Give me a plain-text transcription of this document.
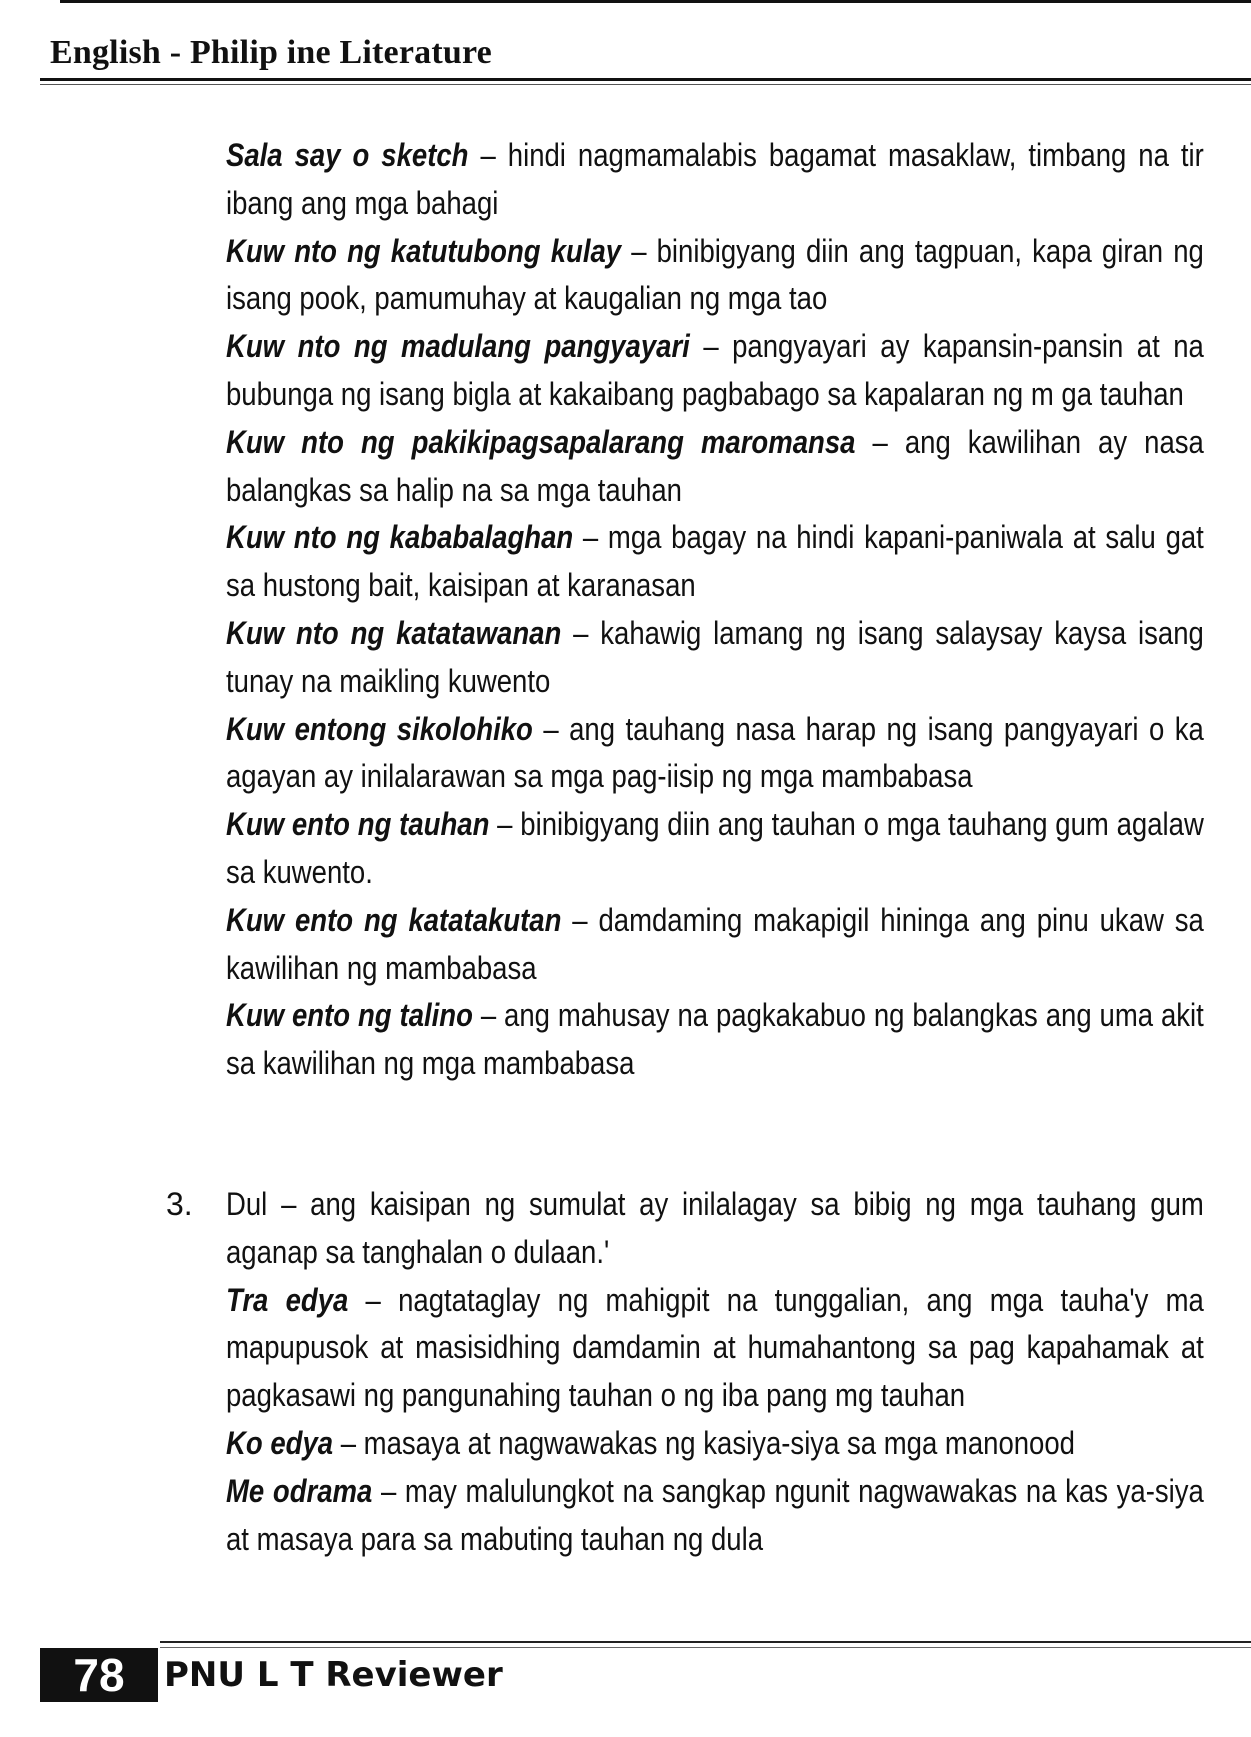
English - Philip ine Literature

Sala say o sketch – hindi nagmamalabis bagamat masaklaw, timbang na tir ibang ang mga bahagi

Kuw nto ng katutubong kulay – binibigyang diin ang tagpuan, kapa giran ng isang pook, pamumuhay at kaugalian ng mga tao

Kuw nto ng madulang pangyayari – pangyayari ay kapansin-pansin at na bubunga ng isang bigla at kakaibang pagbabago sa kapalaran ng m ga tauhan

Kuw nto ng pakikipagsapalarang maromansa – ang kawilihan ay nasa balangkas sa halip na sa mga tauhan

Kuw nto ng kababalaghan – mga bagay na hindi kapani-paniwala at salu gat sa hustong bait, kaisipan at karanasan

Kuw nto ng katatawanan – kahawig lamang ng isang salaysay kaysa isang tunay na maikling kuwento

Kuw entong sikolohiko – ang tauhang nasa harap ng isang pangyayari o ka agayan ay inilalarawan sa mga pag-iisip ng mga mambabasa

Kuw ento ng tauhan – binibigyang diin ang tauhan o mga tauhang gum agalaw sa kuwento.

Kuw ento ng katatakutan – damdaming makapigil hininga ang pinu ukaw sa kawilihan ng mambabasa

Kuw ento ng talino – ang mahusay na pagkakabuo ng balangkas ang uma akit sa kawilihan ng mga mambabasa

3. Dul – ang kaisipan ng sumulat ay inilalagay sa bibig ng mga tauhang gum aganap sa tanghalan o dulaan.'

Tra edya – nagtataglay ng mahigpit na tunggalian, ang mga tauha'y ma mapupusok at masisidhing damdamin at humahantong sa pag kapahamak at pagkasawi ng pangunahing tauhan o ng iba pang mg tauhan

Ko edya – masaya at nagwawakas ng kasiya-siya sa mga manonood

Me odrama – may malulungkot na sangkap ngunit nagwawakas na kas ya-siya at masaya para sa mabuting tauhan ng dula

78	PNU L T Reviewer
